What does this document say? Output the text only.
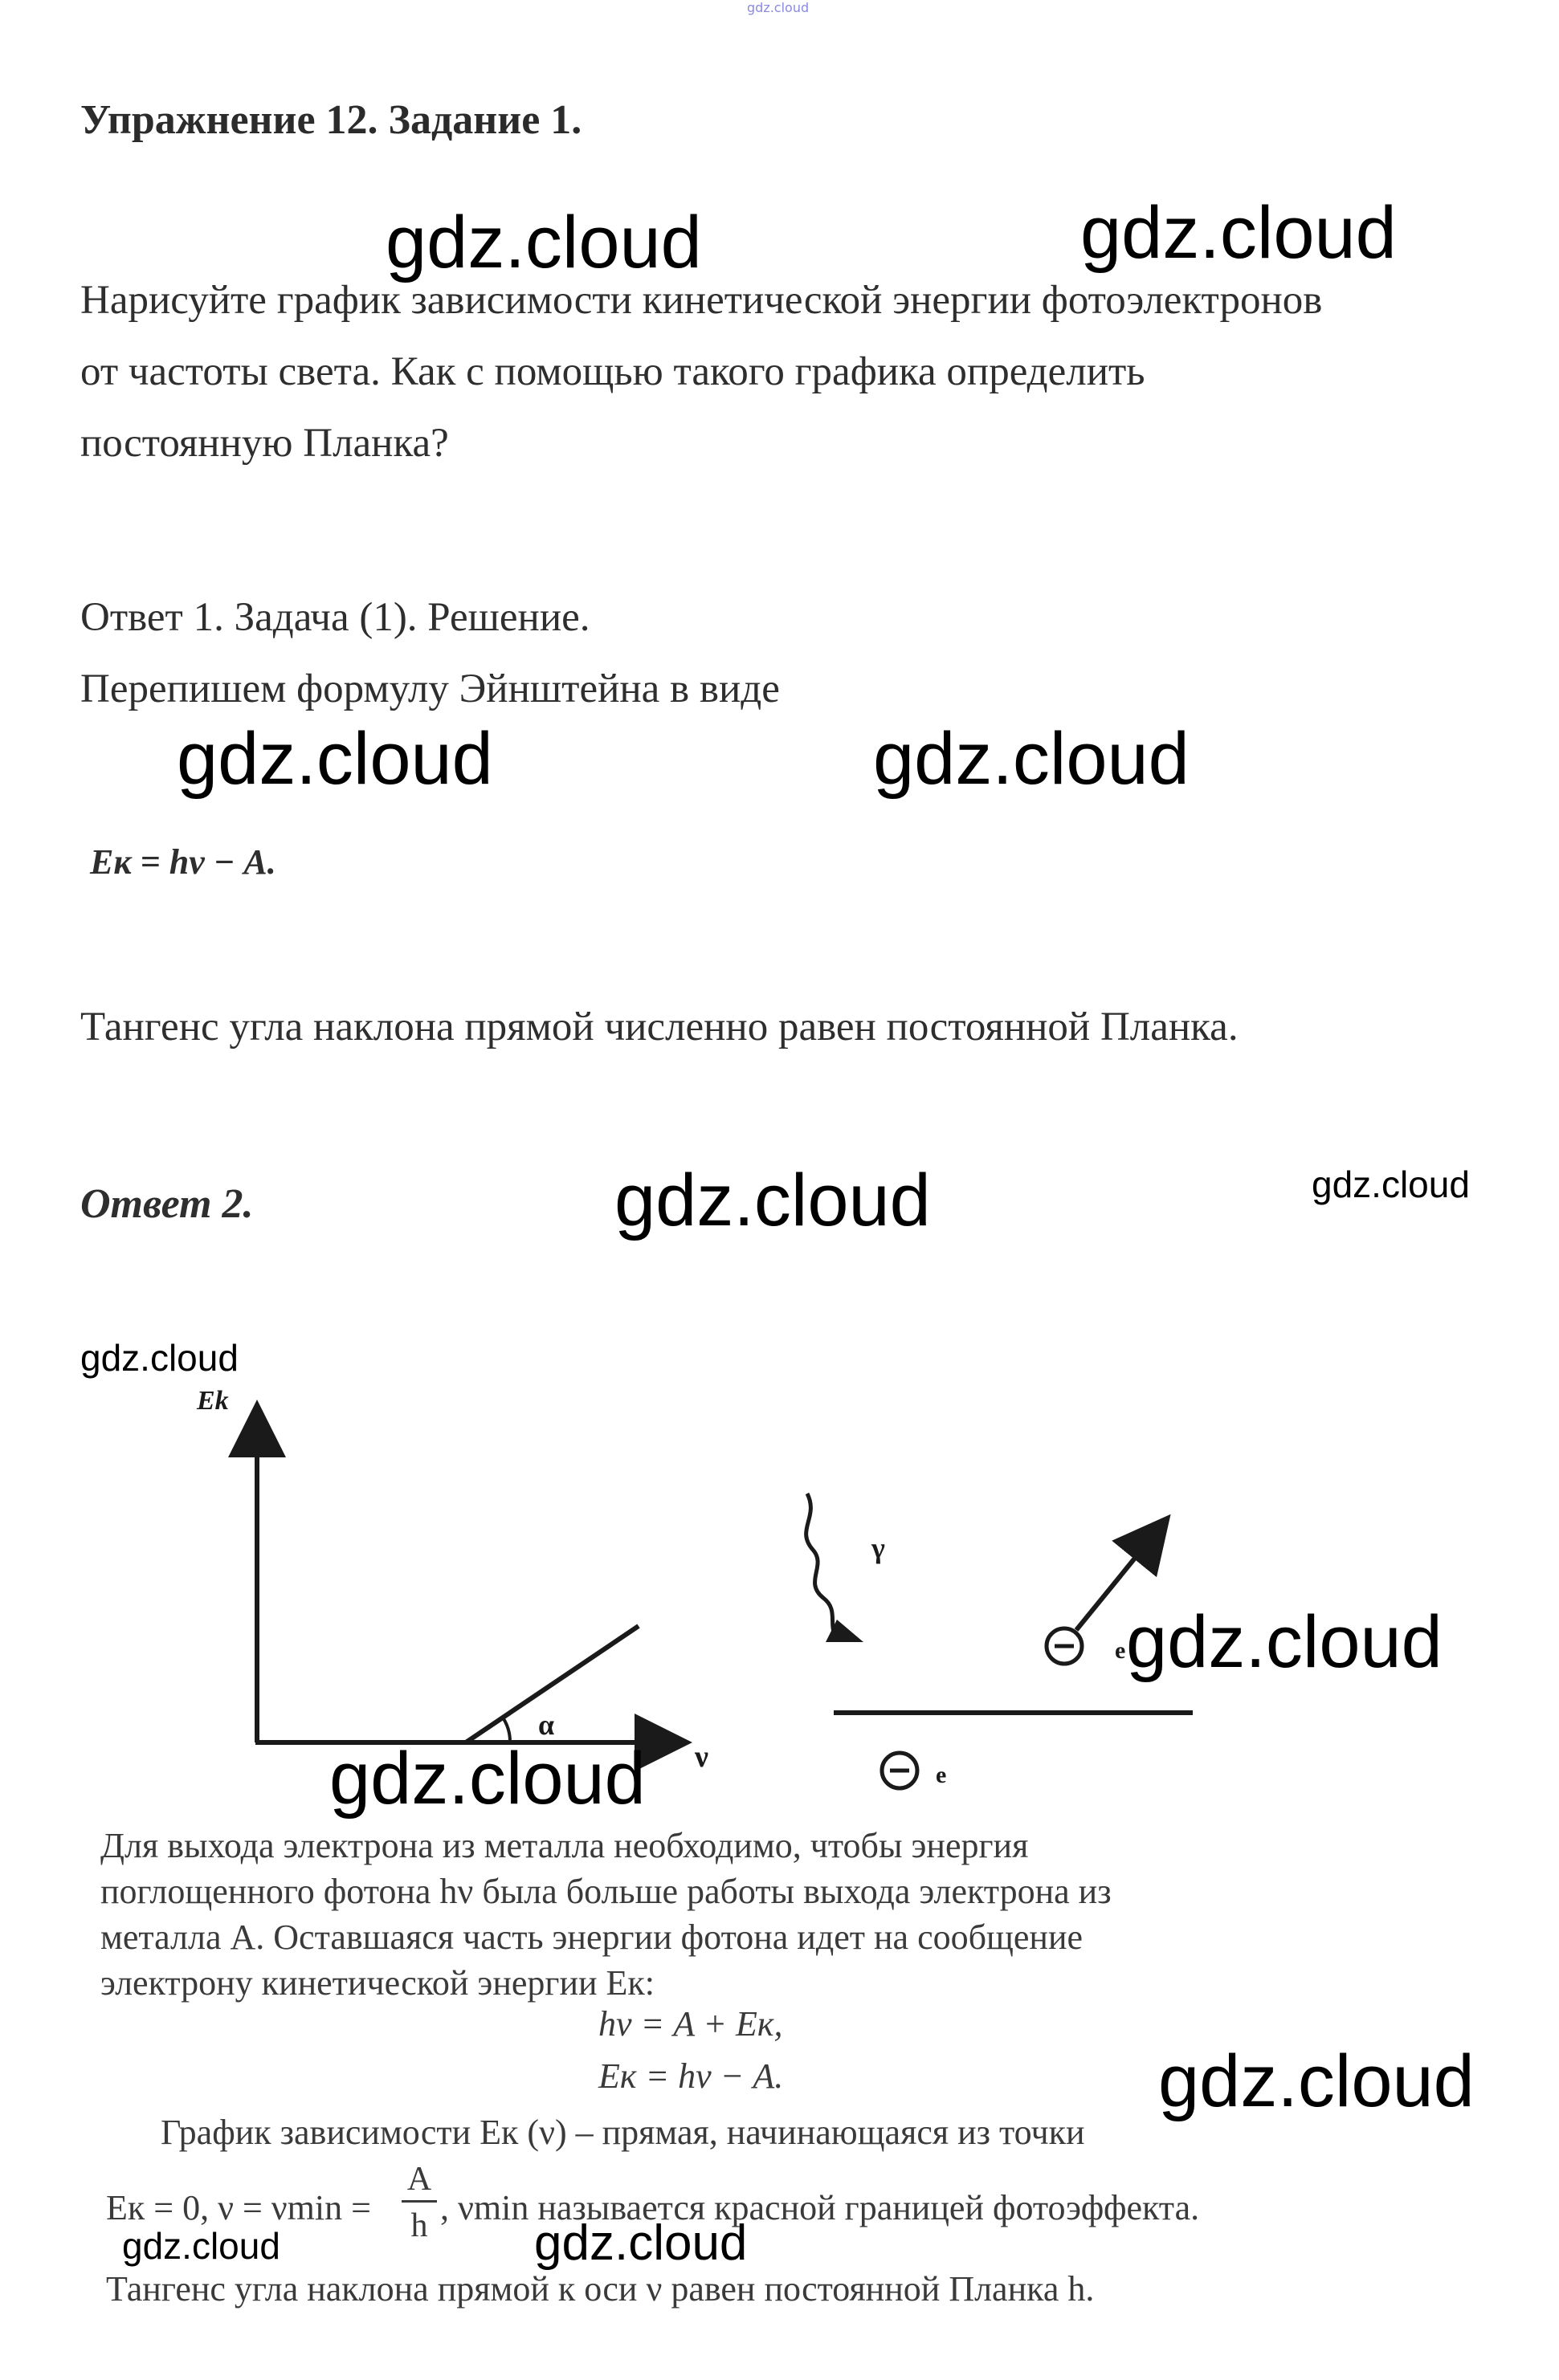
gdz.cloud
Упражнение 12. Задание 1.
Нарисуйте график зависимости кинетической энергии фотоэлектронов
от частоты света. Как с помощью такого графика определить
постоянную Планка?
Ответ 1. Задача (1). Решение.
Перепишем формулу Эйнштейна в виде
Eк = hν − A.
Тангенс угла наклона прямой численно равен постоянной Планка.
Ответ 2.
Ek
ν
α
γ
e
e
Для выхода электрона из металла необходимо, чтобы энергия
поглощенного фотона hν была больше работы выхода электрона из
металла A. Оставшаяся часть энергии фотона идет на сообщение
электрону кинетической энергии Eк:
hν = A + Eк,
Eк = hν − A.
График зависимости Eк (ν) – прямая, начинающаяся из точки
Eк = 0, ν = νmin =
A
h , νmin называется красной границей фотоэффекта.
Тангенс угла наклона прямой к оси ν равен постоянной Планка h.
gdz.cloud	gdz.cloud
gdz.cloud	gdz.cloud
gdz.cloud	gdz.cloud
gdz.cloud
gdz.cloud
gdz.cloud
gdz.cloud
gdz.cloud	gdz.cloud
